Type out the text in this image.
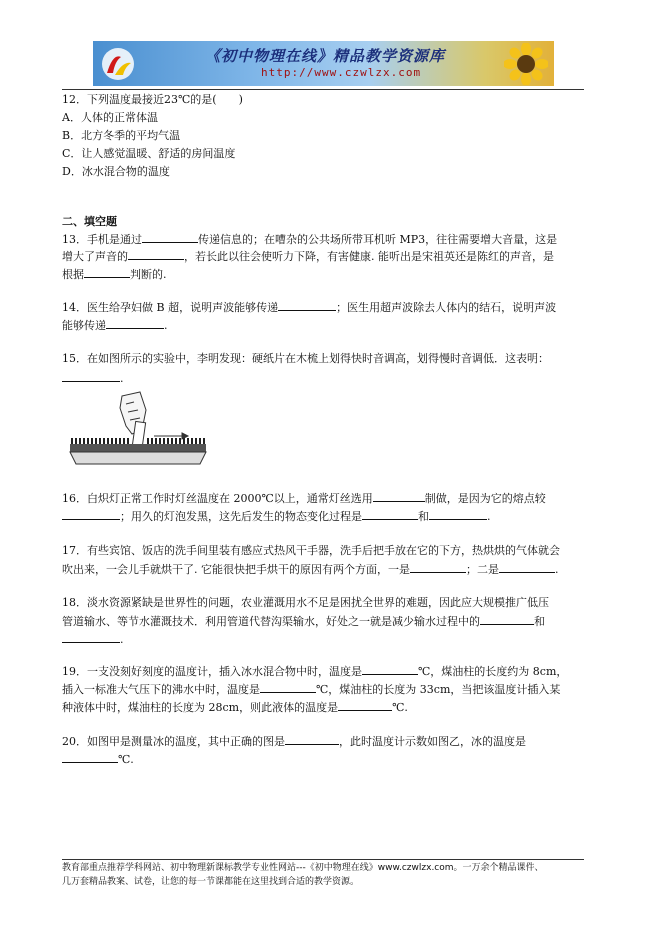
《初中物理在线》精品教学资源库
http://www.czwlzx.com
12．下列温度最接近23℃的是(　　)
A．人体的正常体温
B．北方冬季的平均气温
C．让人感觉温暖、舒适的房间温度
D．冰水混合物的温度
二、填空题
13．手机是通过	传递信息的；在嘈杂的公共场所带耳机听 MP3，往往需要增大音量，这是
增大了声音的	，若长此以往会使听力下降，有害健康. 能听出是宋祖英还是陈红的声音，是
根据	判断的.
14．医生给孕妇做 B 超，说明声波能够传递	；医生用超声波除去人体内的结石，说明声波
能够传递	.
15．在如图所示的实验中，李明发现：硬纸片在木梳上划得快时音调高，划得慢时音调低．这表明：
.
16．白炽灯正常工作时灯丝温度在 2000℃以上，通常灯丝选用	制做，是因为它的熔点较
；用久的灯泡发黑，这先后发生的物态变化过程是	和	.
17．有些宾馆、饭店的洗手间里装有感应式热风干手器，洗手后把手放在它的下方，热烘烘的气体就会
吹出来，一会儿手就烘干了. 它能很快把手烘干的原因有两个方面，一是	；二是	.
18．淡水资源紧缺是世界性的问题，农业灌溉用水不足是困扰全世界的难题，因此应大规模推广低压
管道输水、等节水灌溉技术．利用管道代替沟渠输水，好处之一就是减少输水过程中的	和
.
19．一支没刻好刻度的温度计，插入冰水混合物中时，温度是	℃，煤油柱的长度约为 8cm，
插入一标准大气压下的沸水中时，温度是	℃，煤油柱的长度为 33cm，当把该温度计插入某
种液体中时，煤油柱的长度为 28cm，则此液体的温度是	℃.
20．如图甲是测量冰的温度，其中正确的图是	，此时温度计示数如图乙，冰的温度是
℃.
教育部重点推荐学科网站、初中物理新课标教学专业性网站---《初中物理在线》www.czwlzx.com。一万余个精品课件、
几万套精品教案、试卷，让您的每一节课都能在这里找到合适的教学资源。
